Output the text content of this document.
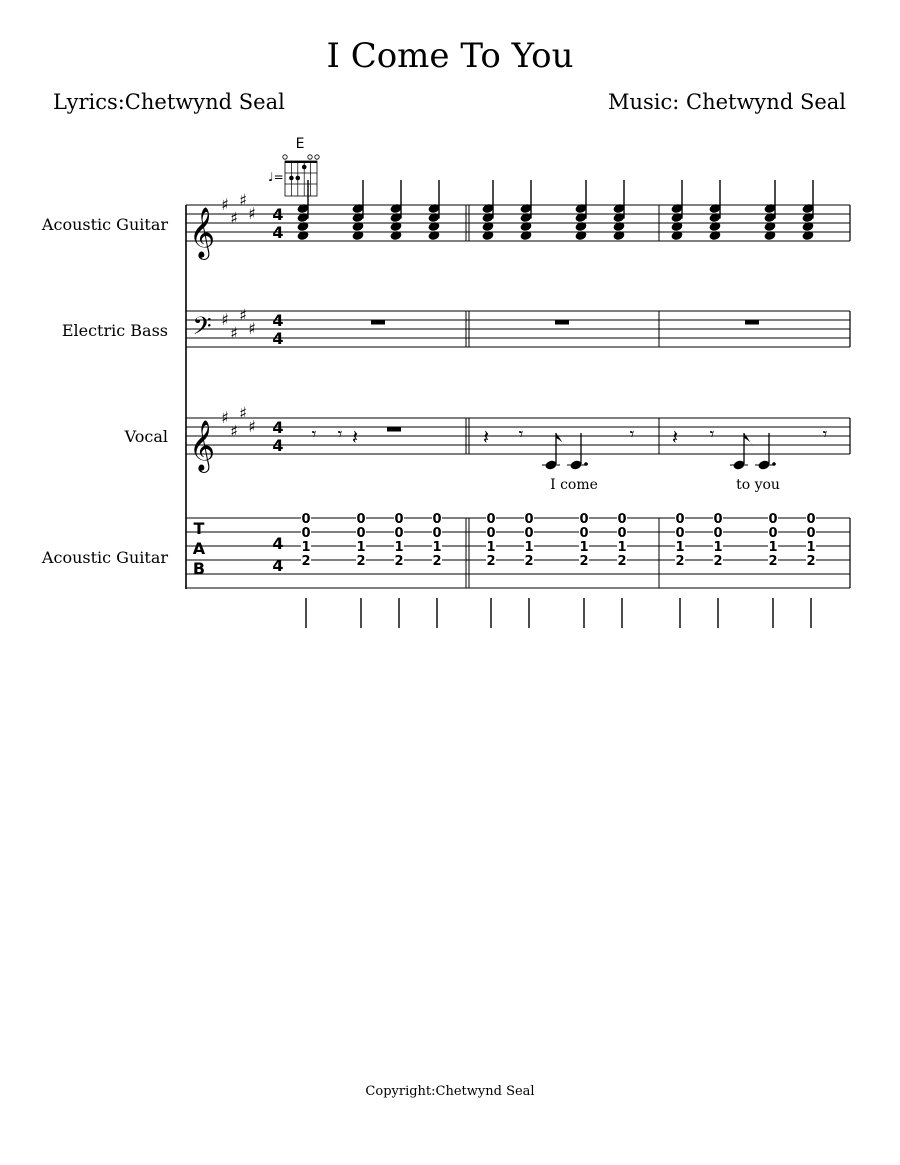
I Come To You
Lyrics:Chetwynd Seal	Music: Chetwynd Seal
Acoustic Guitar
Electric Bass
Vocal
Acoustic Guitar
E
♩=
𝄞
𝄢
𝄞
T
A
B
♯
♯
♯
♯
♯
♯
♯
♯
♯
♯
♯
♯
4
4
4
4
4
4
4
4
𝄾 𝄾 𝄽	𝄽 𝄾	𝄾 𝄽 𝄾	𝄾
0
0
1
2
0
0
1
2
0
0
1
2
0
0
1
2
0
0
1
2
0
0
1
2
0
0
1
2
0
0
1
2
0
0
1
2
0
0
1
2
0
0
1
2
0
0
1
2
I come	to you
Copyright:Chetwynd Seal
